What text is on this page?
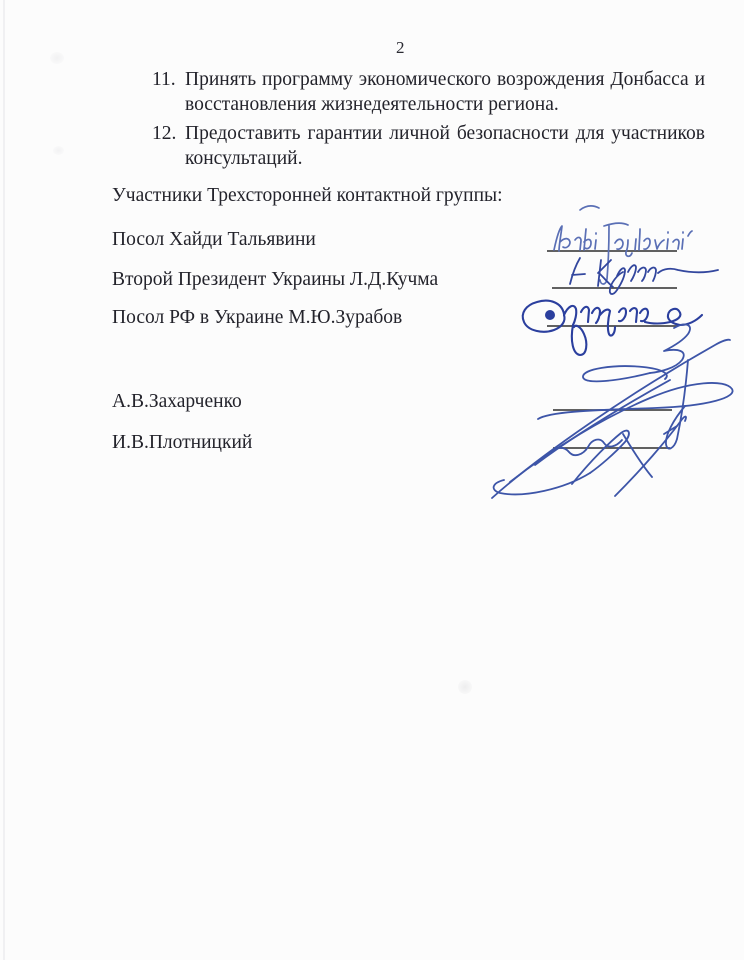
2
11. Принять программу экономического возрождения Донбасса и восстановления жизнедеятельности региона.
12. Предоставить гарантии личной безопасности для участников консультаций.
Участники Трехсторонней контактной группы:
Посол Хайди Тальявини
Второй Президент Украины Л.Д.Кучма
Посол РФ в Украине М.Ю.Зурабов
А.В.Захарченко
И.В.Плотницкий
